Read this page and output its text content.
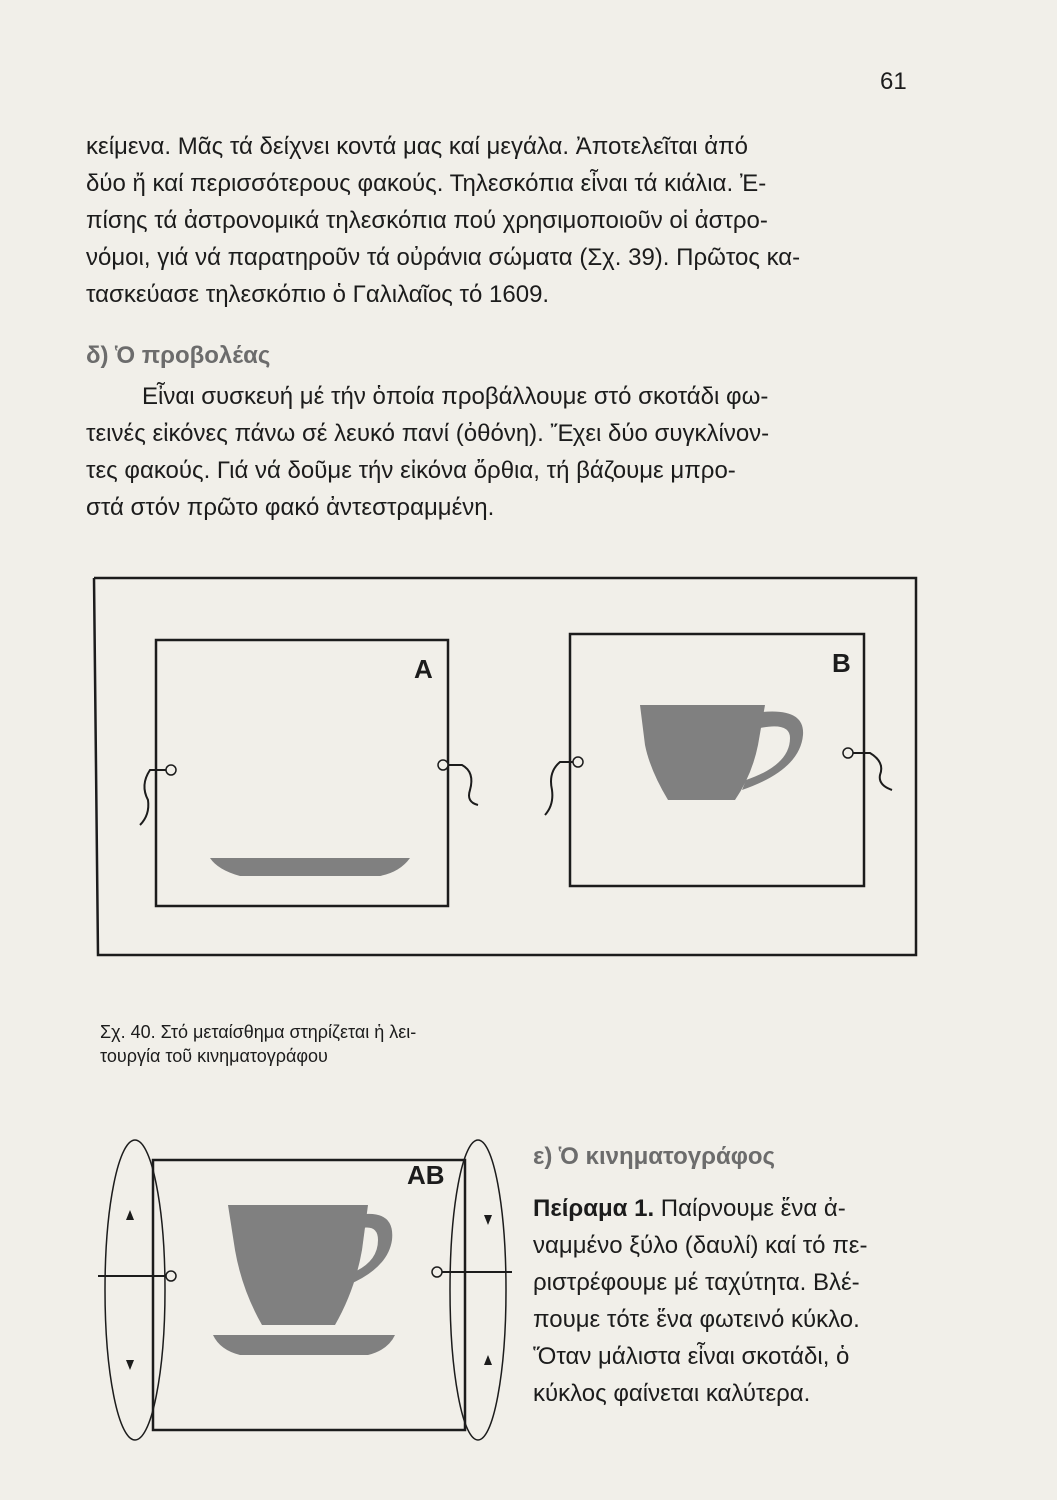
61
κείμενα. Μᾶς τά δείχνει κοντά μας καί μεγάλα. Ἀποτελεῖται ἀπό
δύο ἤ καί περισσότερους φακούς. Τηλεσκόπια εἶναι τά κιάλια. Ἐ-
πίσης τά ἀστρονομικά τηλεσκόπια πού χρησιμοποιοῦν οἱ ἀστρο-
νόμοι, γιά νά παρατηροῦν τά οὐράνια σώματα (Σχ. 39). Πρῶτος κα-
τασκεύασε τηλεσκόπιο ὁ Γαλιλαῖος τό 1609.
δ) Ὁ προβολέας
Εἶναι συσκευή μέ τήν ὁποία προβάλλουμε στό σκοτάδι φω-
τεινές εἰκόνες πάνω σέ λευκό πανί (ὀθόνη). Ἔχει δύο συγκλίνον-
τες φακούς. Γιά νά δοῦμε τήν εἰκόνα ὄρθια, τή βάζουμε μπρο-
στά στόν πρῶτο φακό ἀντεστραμμένη.
A	B
AB
Σχ. 40. Στό μεταίσθημα στηρίζεται ἡ λει-
τουργία τοῦ κινηματογράφου
ε) Ὁ κινηματογράφος
Πείραμα 1. Παίρνουμε ἕνα ἀ-
ναμμένο ξύλο (δαυλί) καί τό πε-
ριστρέφουμε μέ ταχύτητα. Βλέ-
πουμε τότε ἕνα φωτεινό κύκλο.
Ὅταν μάλιστα εἶναι σκοτάδι, ὁ
κύκλος φαίνεται καλύτερα.
